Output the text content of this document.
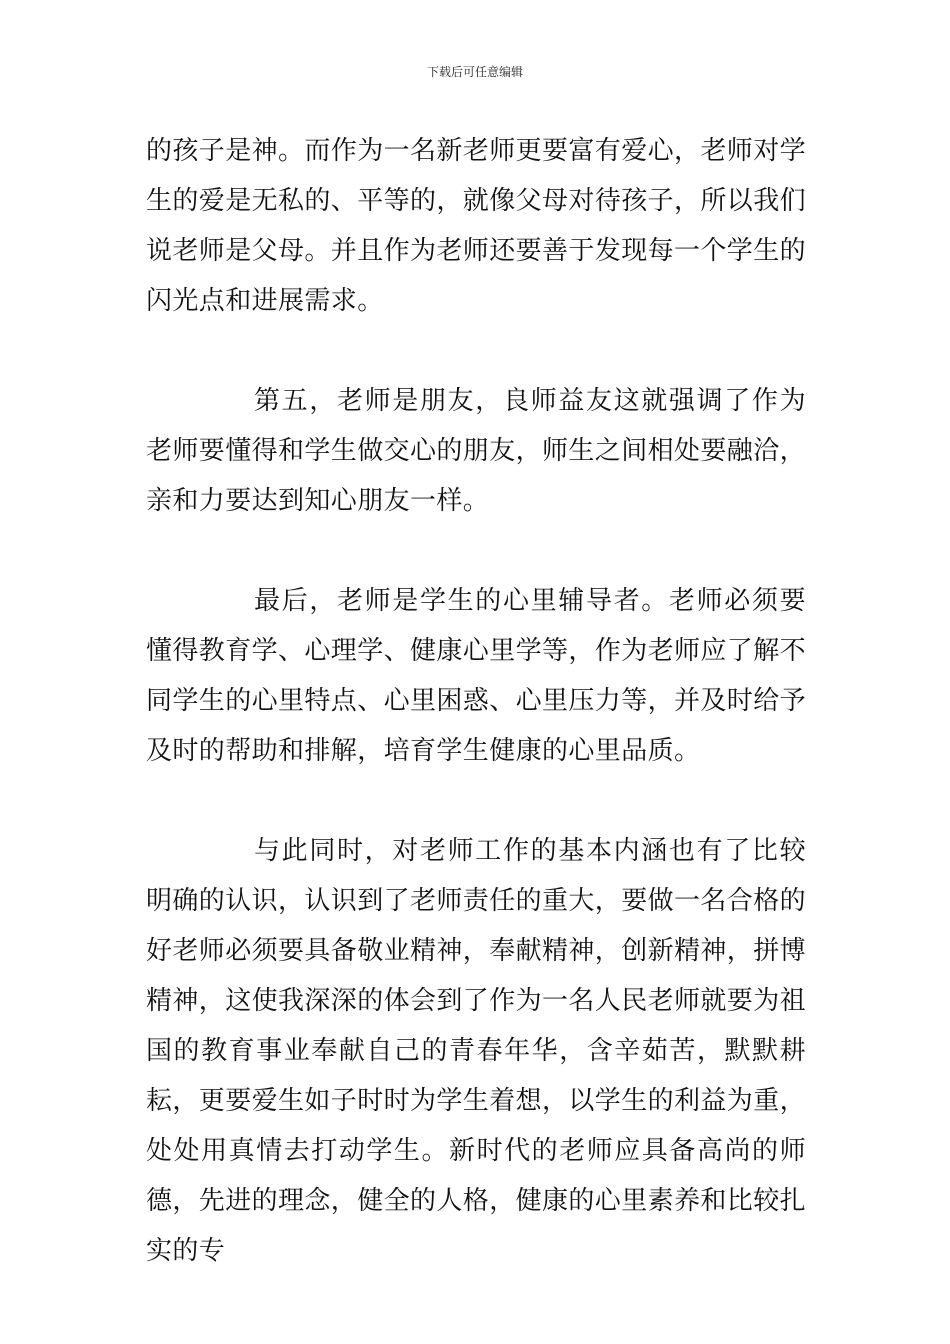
下载后可任意编辑

的孩子是神。而作为一名新老师更要富有爱心，老师对学生的爱是无私的、平等的，就像父母对待孩子，所以我们说老师是父母。并且作为老师还要善于发现每一个学生的闪光点和进展需求。

第五，老师是朋友，良师益友这就强调了作为老师要懂得和学生做交心的朋友，师生之间相处要融洽，亲和力要达到知心朋友一样。

最后，老师是学生的心里辅导者。老师必须要懂得教育学、心理学、健康心里学等，作为老师应了解不同学生的心里特点、心里困惑、心里压力等，并及时给予及时的帮助和排解，培育学生健康的心里品质。

与此同时，对老师工作的基本内涵也有了比较明确的认识，认识到了老师责任的重大，要做一名合格的好老师必须要具备敬业精神，奉献精神，创新精神，拼博精神，这使我深深的体会到了作为一名人民老师就要为祖国的教育事业奉献自己的青春年华，含辛茹苦，默默耕耘，更要爱生如子时时为学生着想，以学生的利益为重，处处用真情去打动学生。新时代的老师应具备高尚的师德，先进的理念，健全的人格，健康的心里素养和比较扎实的专
